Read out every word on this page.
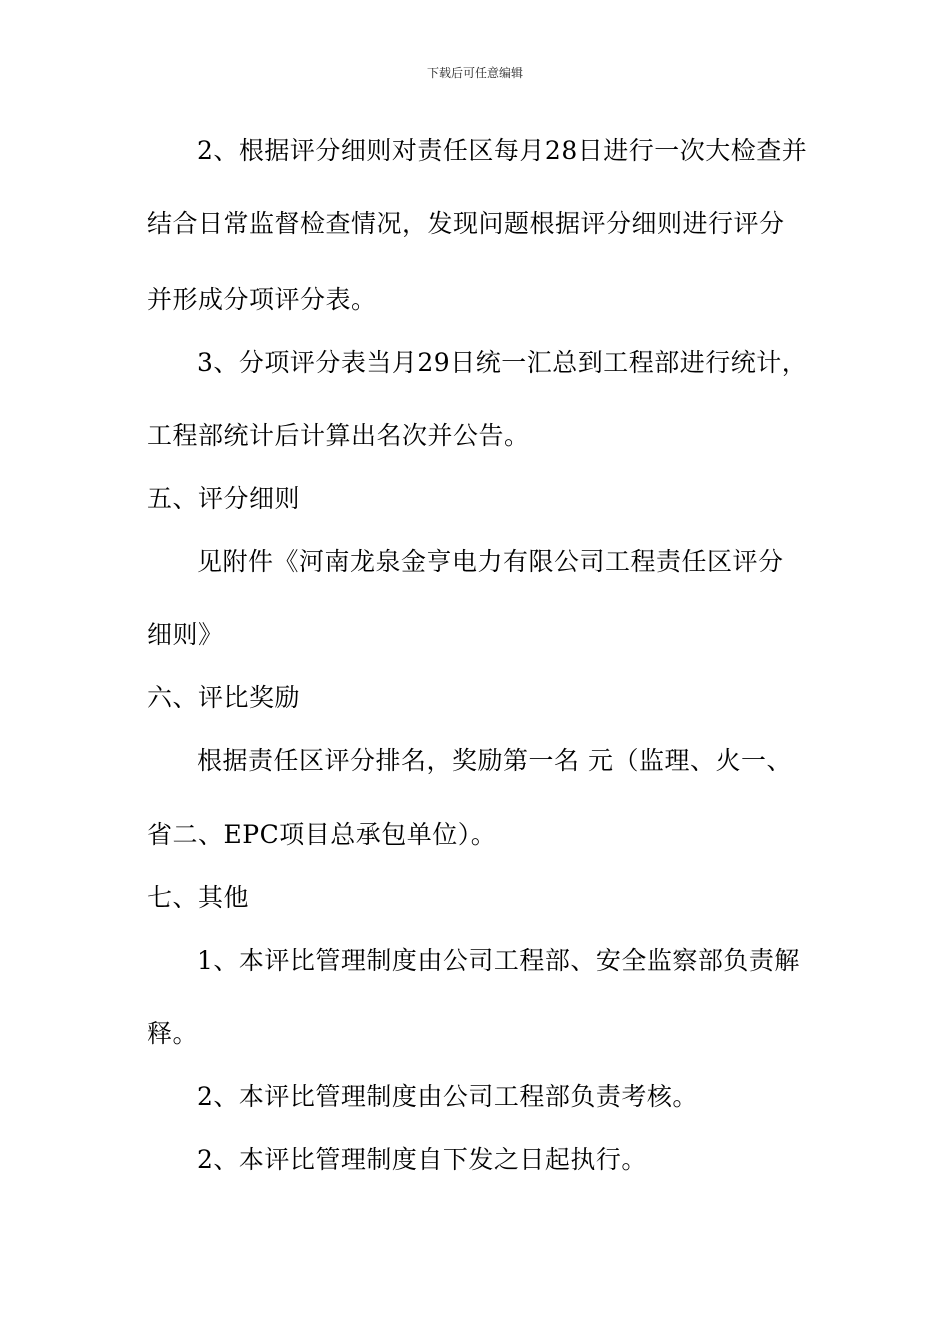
下载后可任意编辑
2、根据评分细则对责任区每月28日进行一次大检查并
结合日常监督检查情况，发现问题根据评分细则进行评分
并形成分项评分表。
3、分项评分表当月29日统一汇总到工程部进行统计，
工程部统计后计算出名次并公告。
五、评分细则
见附件《河南龙泉金亨电力有限公司工程责任区评分
细则》
六、评比奖励
根据责任区评分排名，奖励第一名 元（监理、火一、
省二、EPC项目总承包单位）。
七、其他
1、本评比管理制度由公司工程部、安全监察部负责解
释。
2、本评比管理制度由公司工程部负责考核。
2、本评比管理制度自下发之日起执行。
